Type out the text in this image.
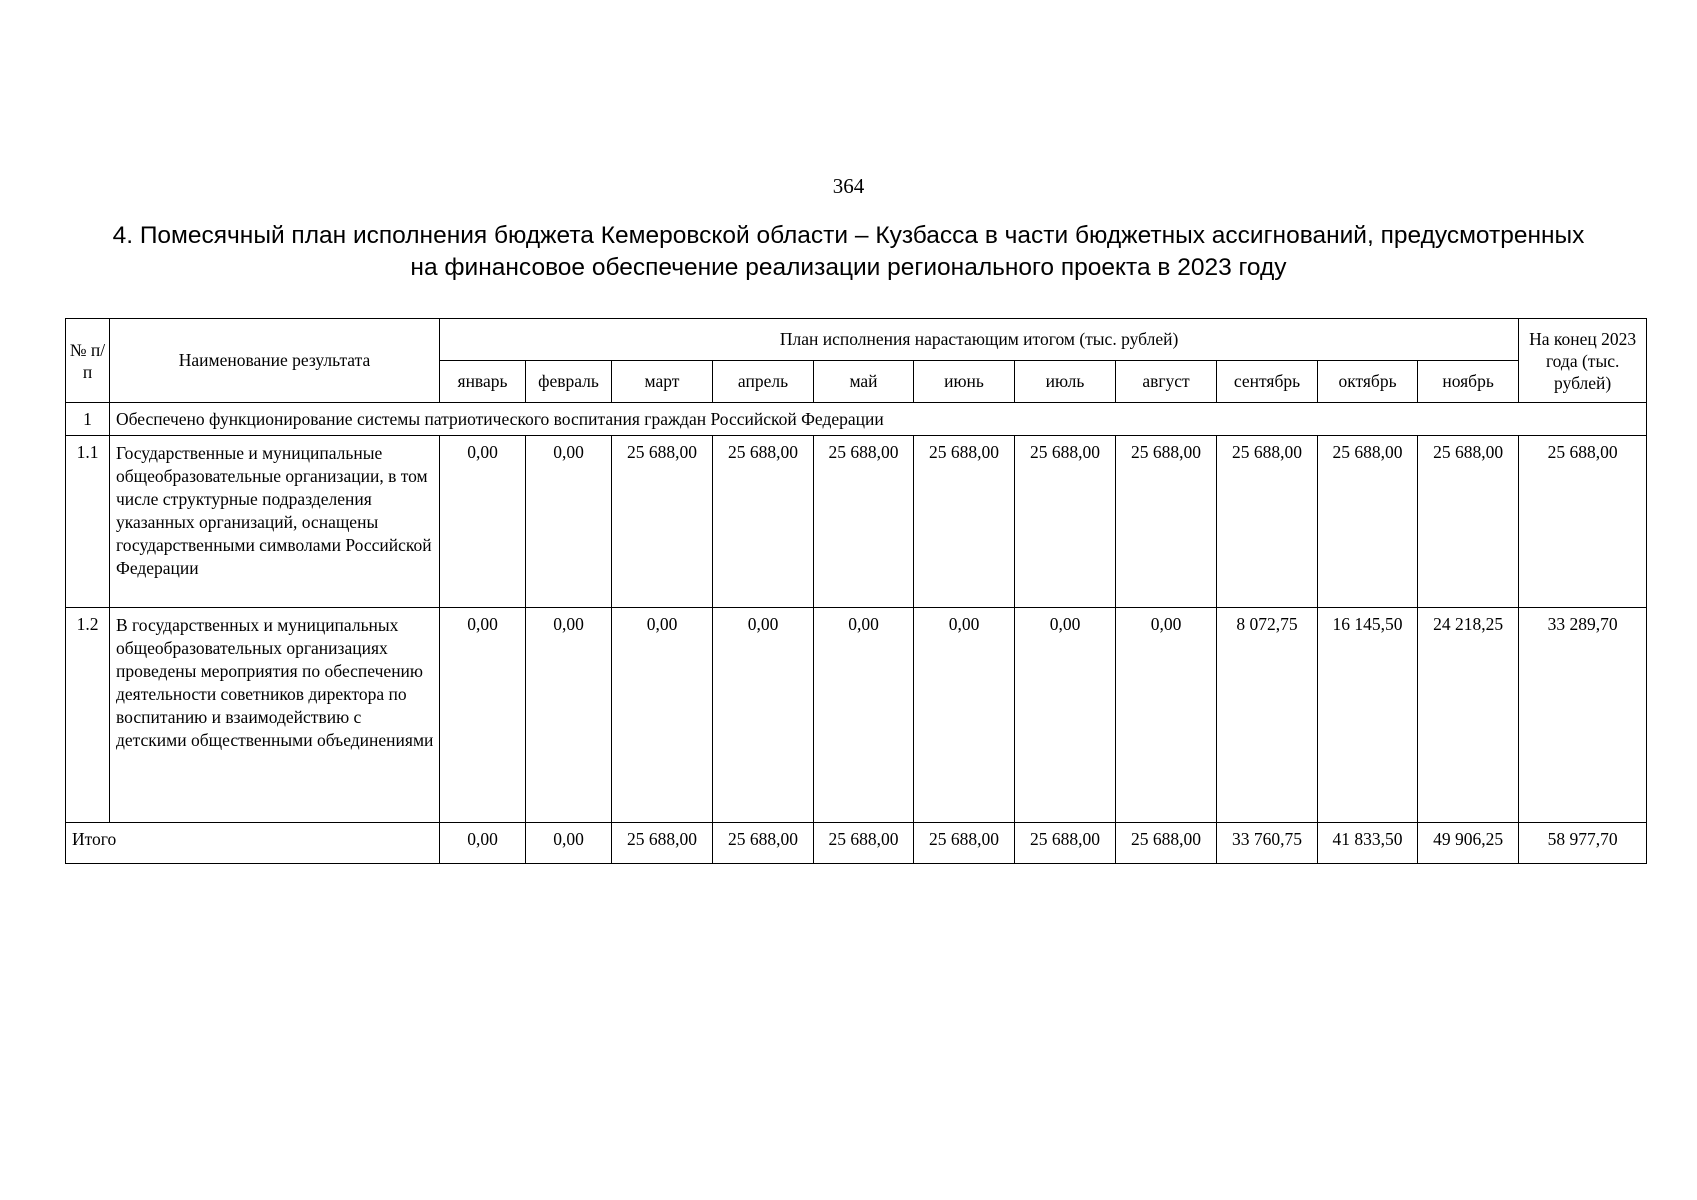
364
4. Помесячный план исполнения бюджета Кемеровской области – Кузбасса в части бюджетных ассигнований, предусмотренных
на финансовое обеспечение реализации регионального проекта в 2023 году
№ п/п	Наименование результата	План исполнения нарастающим итогом (тыс. рублей)											На конец 2023 года (тыс. рублей)
		январь	февраль	март	апрель	май	июнь	июль	август	сентябрь	октябрь	ноябрь	
1	Обеспечено функционирование системы патриотического воспитания граждан Российской Федерации												
1.1	Государственные и муниципальные общеобразовательные организации, в том числе структурные подразделения указанных организаций, оснащены государственными символами Российской Федерации	0,00	0,00	25 688,00	25 688,00	25 688,00	25 688,00	25 688,00	25 688,00	25 688,00	25 688,00	25 688,00	25 688,00
1.2	В государственных и муниципальных общеобразовательных организациях проведены мероприятия по обеспечению деятельности советников директора по воспитанию и взаимодействию с детскими общественными объединениями	0,00	0,00	0,00	0,00	0,00	0,00	0,00	0,00	8 072,75	16 145,50	24 218,25	33 289,70
Итого		0,00	0,00	25 688,00	25 688,00	25 688,00	25 688,00	25 688,00	25 688,00	33 760,75	41 833,50	49 906,25	58 977,70
